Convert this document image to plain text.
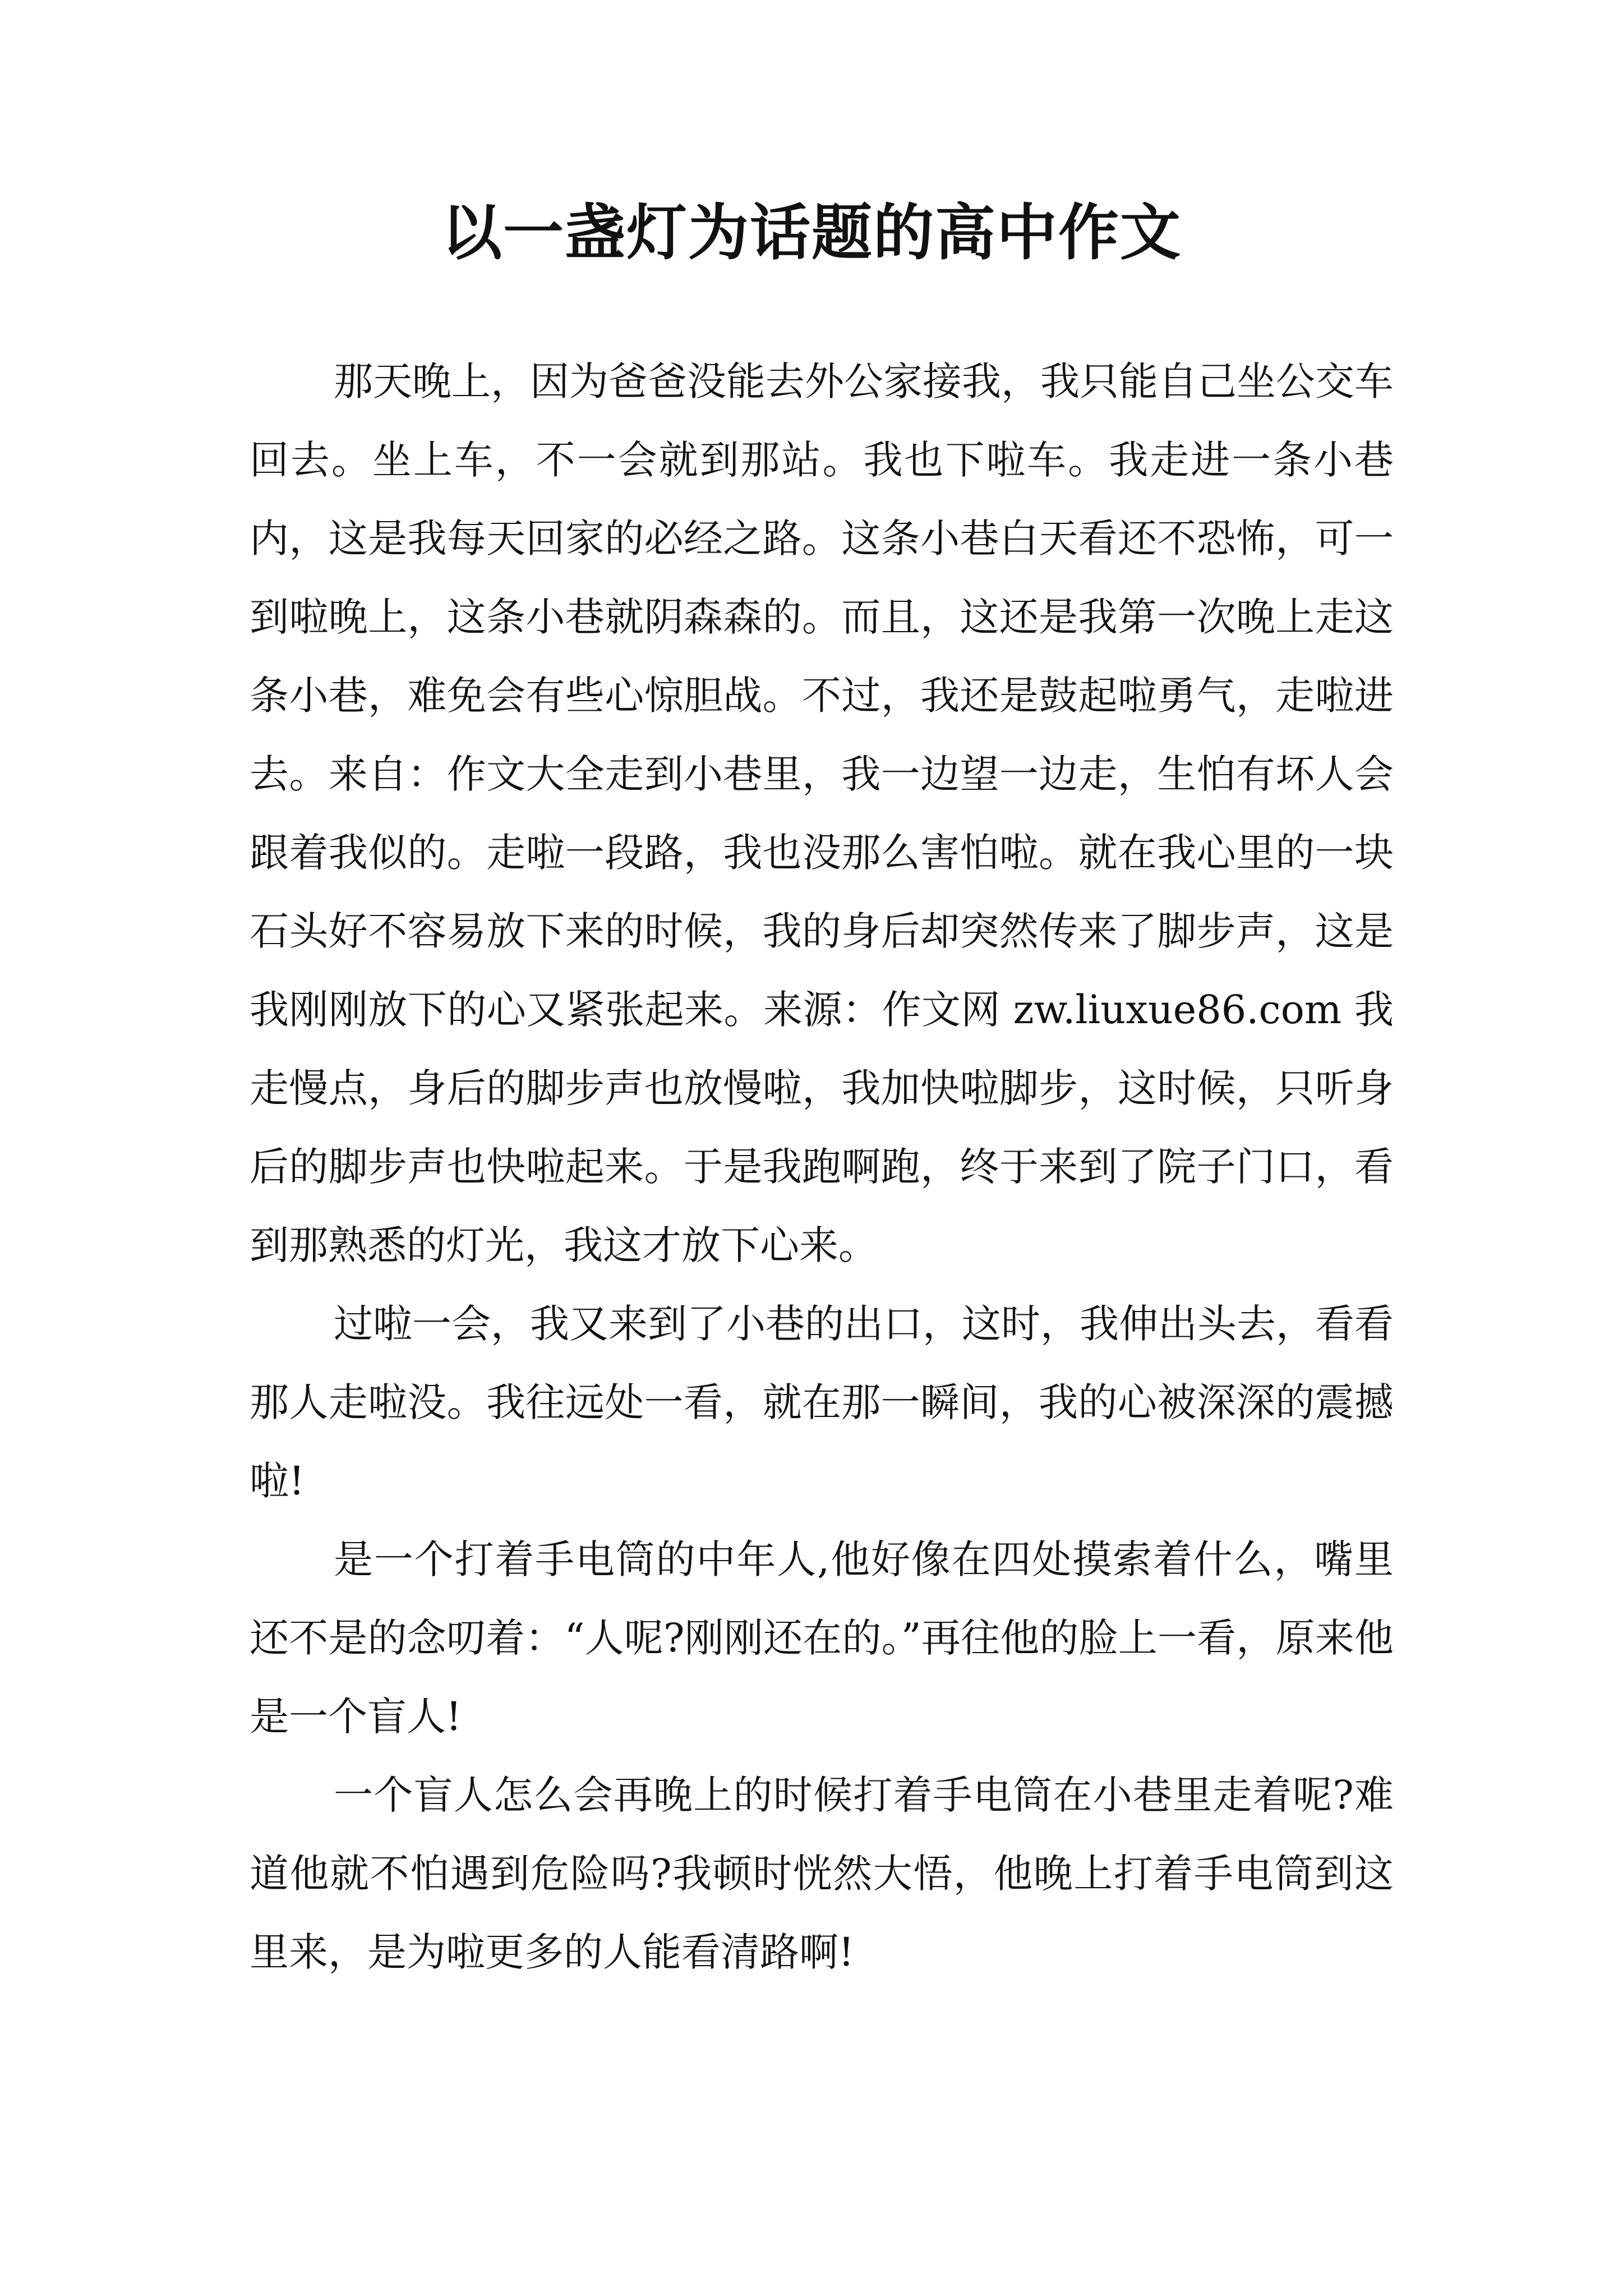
以一盏灯为话题的高中作文

那天晚上，因为爸爸没能去外公家接我，我只能自己坐公交车回去。坐上车，不一会就到那站。我也下啦车。我走进一条小巷内，这是我每天回家的必经之路。这条小巷白天看还不恐怖，可一到啦晚上，这条小巷就阴森森的。而且，这还是我第一次晚上走这条小巷，难免会有些心惊胆战。不过，我还是鼓起啦勇气，走啦进去。来自：作文大全走到小巷里，我一边望一边走，生怕有坏人会跟着我似的。走啦一段路，我也没那么害怕啦。就在我心里的一块石头好不容易放下来的时候，我的身后却突然传来了脚步声，这是我刚刚放下的心又紧张起来。来源：作文网 zw.liuxue86.com 我走慢点，身后的脚步声也放慢啦，我加快啦脚步，这时候，只听身后的脚步声也快啦起来。于是我跑啊跑，终于来到了院子门口，看到那熟悉的灯光，我这才放下心来。

过啦一会，我又来到了小巷的出口，这时，我伸出头去，看看那人走啦没。我往远处一看，就在那一瞬间，我的心被深深的震撼啦!

是一个打着手电筒的中年人,他好像在四处摸索着什么，嘴里还不是的念叨着：“人呢?刚刚还在的。”再往他的脸上一看，原来他是一个盲人!

一个盲人怎么会再晚上的时候打着手电筒在小巷里走着呢?难道他就不怕遇到危险吗?我顿时恍然大悟，他晚上打着手电筒到这里来，是为啦更多的人能看清路啊!
